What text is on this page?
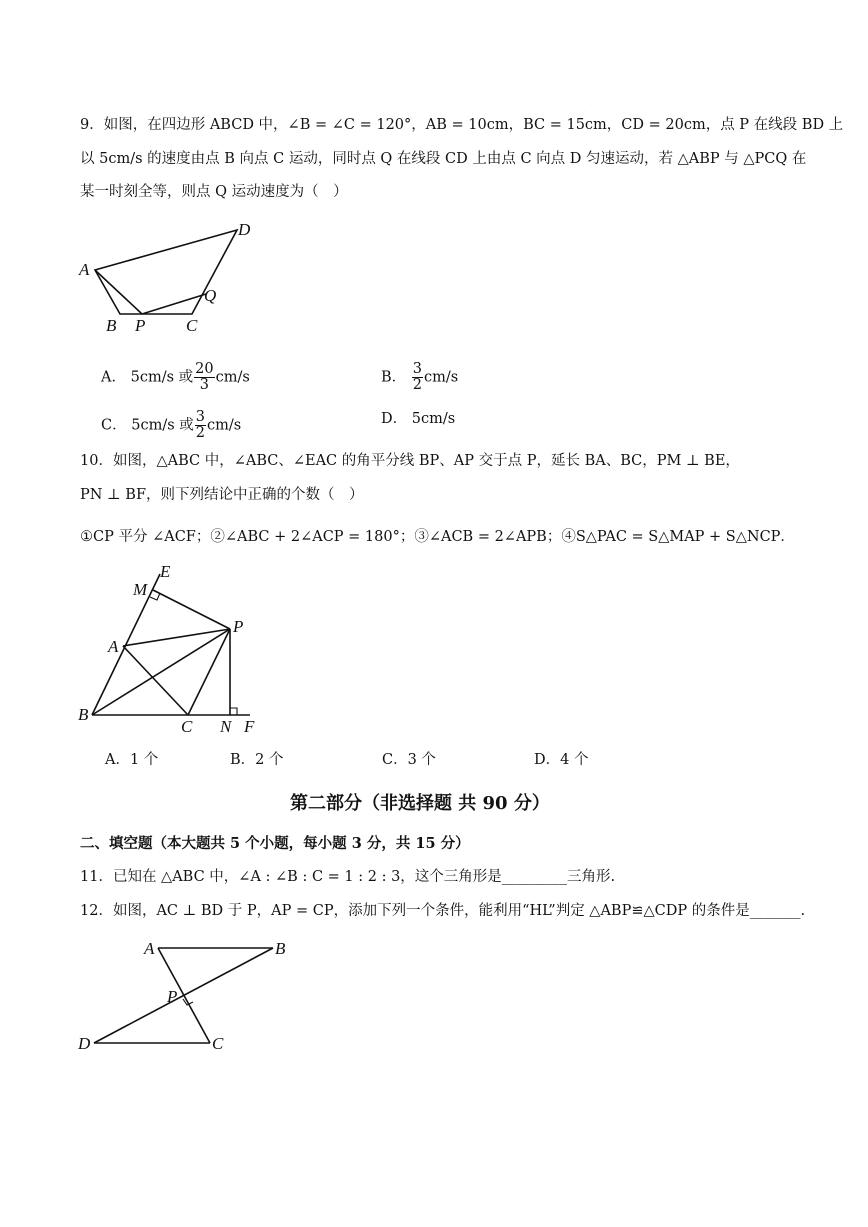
·
9．如图，在四边形 ABCD 中，∠B = ∠C = 120°，AB = 10cm，BC = 15cm，CD = 20cm，点 P 在线段 BD 上
以 5cm/s 的速度由点 B 向点 C 运动，同时点 Q 在线段 CD 上由点 C 向点 D 匀速运动，若 △ABP 与 △PCQ 在
某一时刻全等，则点 Q 运动速度为（　）
A
D
Q
B P C
A． 5cm/s 或 $\frac{20}{3} cm/s$	B． $\frac{3}{2} cm/s$
C． 5cm/s 或 $\frac{3}{2} cm/s$	D． 5cm/s
10．如图，△ABC 中，∠ABC、∠EAC 的角平分线 BP、AP 交于点 P，延长 BA、BC，PM ⊥ BE，
PN ⊥ BF，则下列结论中正确的个数（　）
①CP 平分 ∠ACF；②∠ABC + 2∠ACP = 180°；③∠ACB = 2∠APB；④S△PAC = S△MAP + S△NCP．
E
M
P
A
B
C N F
A．1 个	B．2 个	C．3 个	D．4 个
第二部分（非选择题 共 90 分）
二、填空题（本大题共 5 个小题，每小题 3 分，共 15 分）
11．已知在 △ABC 中，∠A : ∠B : C = 1 : 2 : 3，这个三角形是_________三角形.
12．如图，AC ⊥ BD 于 P，AP = CP，添加下列一个条件，能利用“HL”判定 △ABP≌△CDP 的条件是_______.
A	B
P
D	C
